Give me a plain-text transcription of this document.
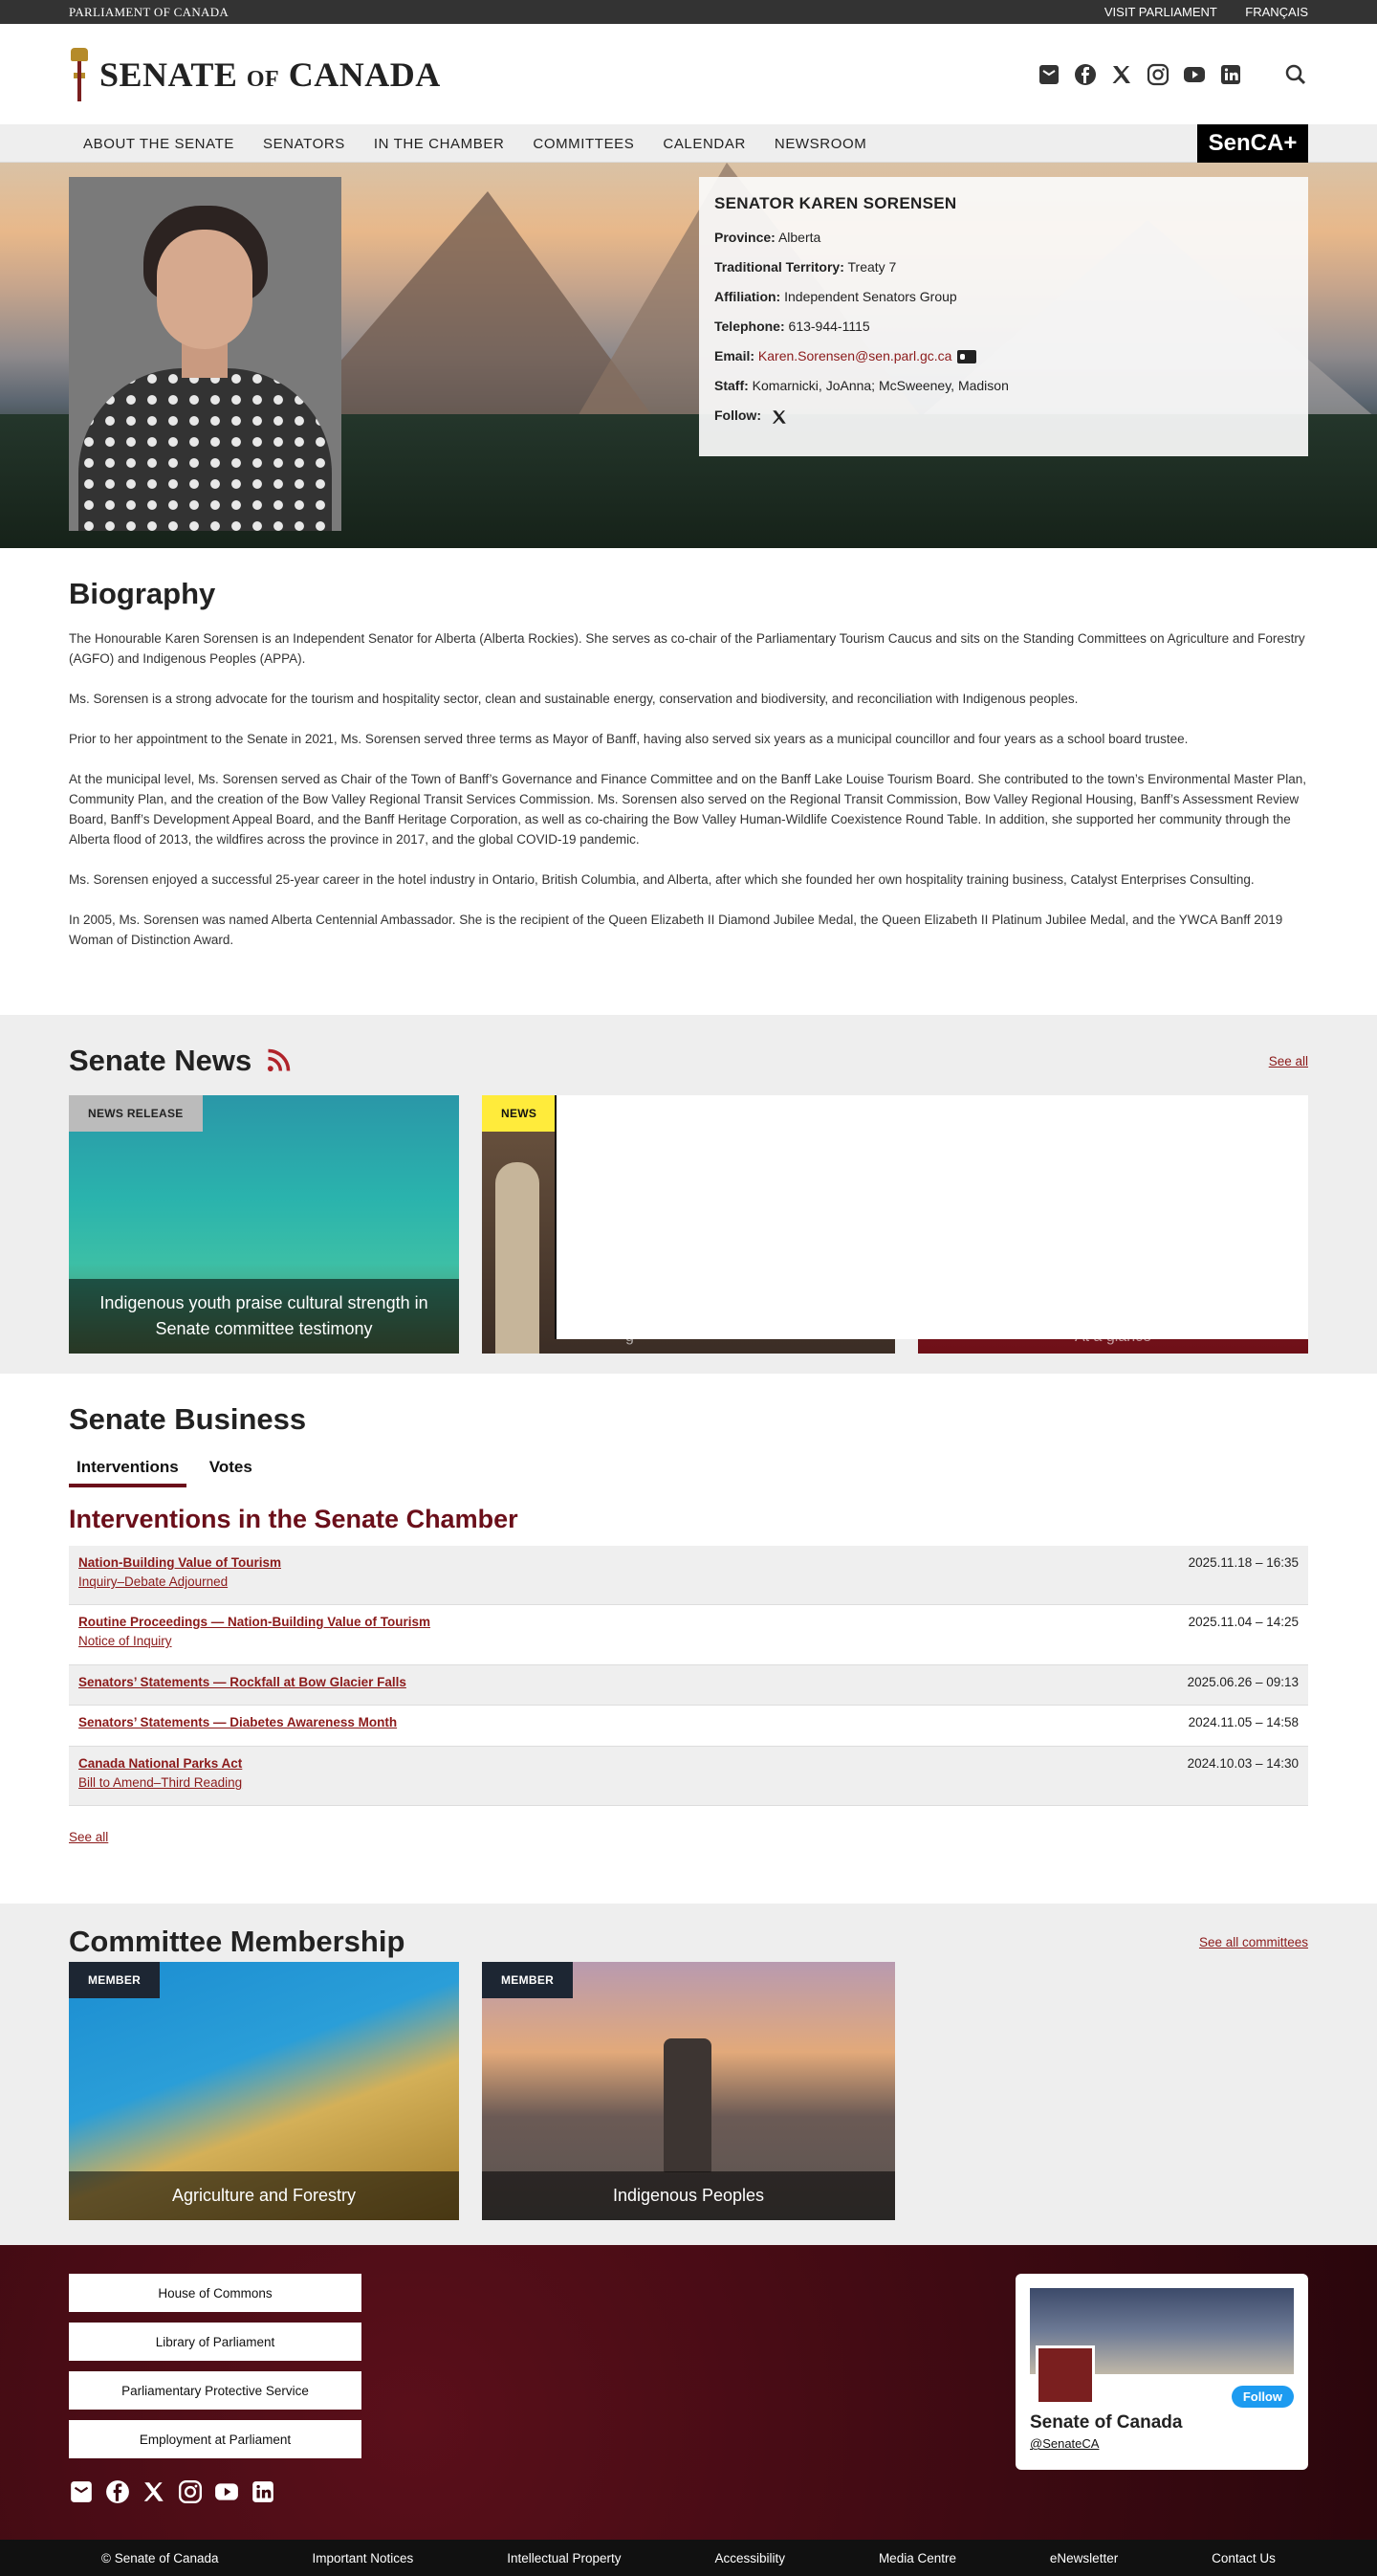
PARLIAMENT OF CANADA	VISIT PARLIAMENT FRANÇAIS
SENATE OF CANADA
ABOUT THE SENATE	SENATORS	IN THE CHAMBER	COMMITTEES	CALENDAR	NEWSROOM	SenCA+
SENATOR KAREN SORENSEN
Province: Alberta
Traditional Territory: Treaty 7
Affiliation: Independent Senators Group
Telephone: 613-944-1115
Email: Karen.Sorensen@sen.parl.gc.ca
Staff: Komarnicki, JoAnna; McSweeney, Madison
Follow:
Biography

The Honourable Karen Sorensen is an Independent Senator for Alberta (Alberta Rockies). She serves as co-chair of the Parliamentary Tourism Caucus and sits on the Standing Committees on Agriculture and Forestry (AGFO) and Indigenous Peoples (APPA).

Ms. Sorensen is a strong advocate for the tourism and hospitality sector, clean and sustainable energy, conservation and biodiversity, and reconciliation with Indigenous peoples.

Prior to her appointment to the Senate in 2021, Ms. Sorensen served three terms as Mayor of Banff, having also served six years as a municipal councillor and four years as a school board trustee.

At the municipal level, Ms. Sorensen served as Chair of the Town of Banff’s Governance and Finance Committee and on the Banff Lake Louise Tourism Board. She contributed to the town’s Environmental Master Plan, Community Plan, and the creation of the Bow Valley Regional Transit Services Commission. Ms. Sorensen also served on the Regional Transit Commission, Bow Valley Regional Housing, Banff’s Assessment Review Board, Banff’s Development Appeal Board, and the Banff Heritage Corporation, as well as co-chairing the Bow Valley Human-Wildlife Coexistence Round Table. In addition, she supported her community through the Alberta flood of 2013, the wildfires across the province in 2017, and the global COVID-19 pandemic.

Ms. Sorensen enjoyed a successful 25-year career in the hotel industry in Ontario, British Columbia, and Alberta, after which she founded her own hospitality training business, Catalyst Enterprises Consulting.

In 2005, Ms. Sorensen was named Alberta Centennial Ambassador. She is the recipient of the Queen Elizabeth II Diamond Jubilee Medal, the Queen Elizabeth II Platinum Jubilee Medal, and the YWCA Banff 2019 Woman of Distinction Award.

Senate News	See all
NEWS RELEASE
Indigenous youth praise cultural strength in Senate committee testimony
NEWS
Senate Business
Interventions	Votes
Interventions in the Senate Chamber
Nation-Building Value of Tourism
Inquiry–Debate Adjourned
2025.11.18 – 16:35
Routine Proceedings — Nation-Building Value of Tourism
Notice of Inquiry
2025.11.04 – 14:25
Senators’ Statements — Rockfall at Bow Glacier Falls	2025.06.26 – 09:13
Senators’ Statements — Diabetes Awareness Month	2024.11.05 – 14:58
Canada National Parks Act
Bill to Amend–Third Reading
2024.10.03 – 14:30
See all
Committee Membership	See all committees
MEMBER
Agriculture and Forestry
MEMBER
Indigenous Peoples
House of Commons
Library of Parliament
Parliamentary Protective Service
Employment at Parliament
Follow
Senate of Canada
@SenateCA
© Senate of Canada	Important Notices	Intellectual Property	Accessibility	Media Centre	eNewsletter	Contact Us
